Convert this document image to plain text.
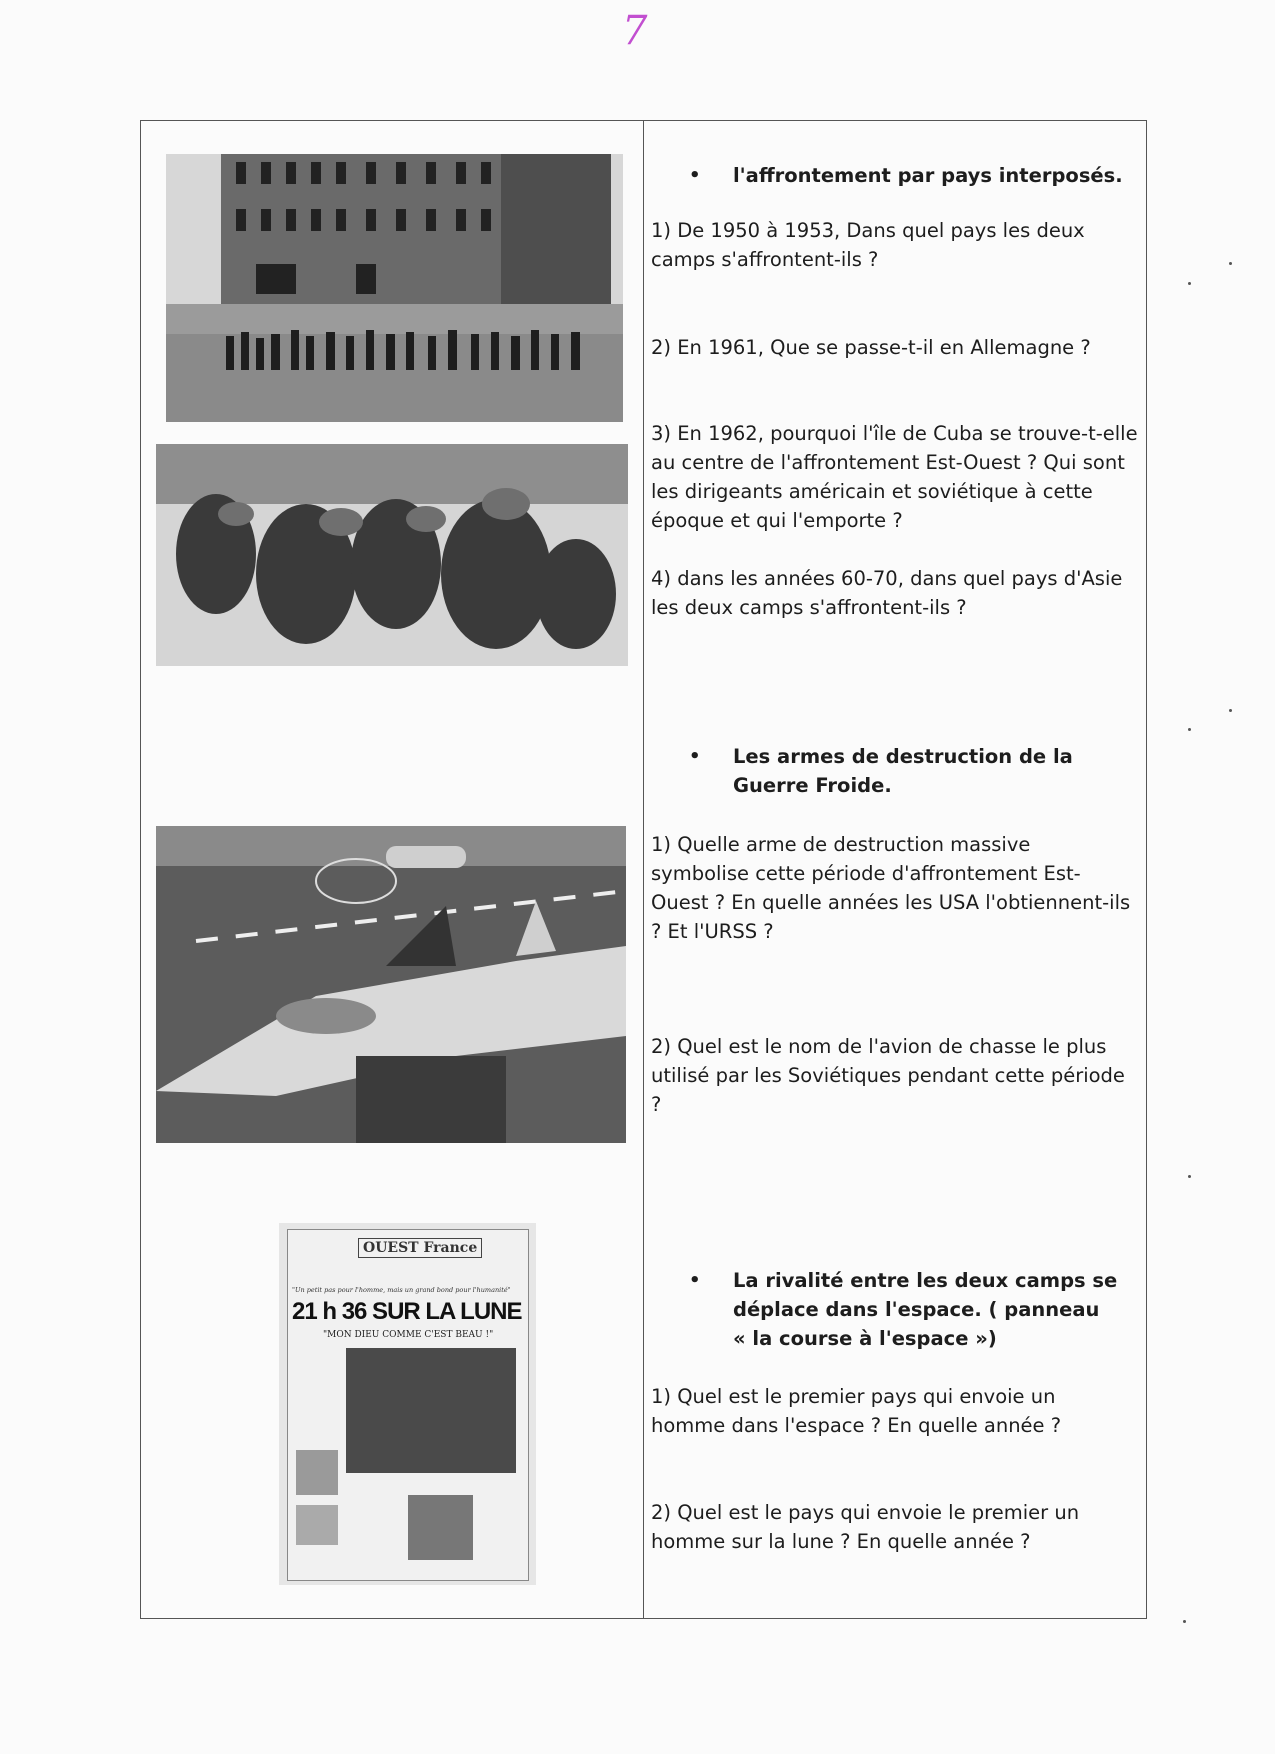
7
OUEST France
"Un petit pas pour l'homme, mais un grand bond pour l'humanité"
21 h 36 SUR LA LUNE
"MON DIEU COMME C'EST BEAU !"
• l'affrontement par pays interposés.

1) De 1950 à 1953, Dans quel pays les deux camps s'affrontent-ils ?

2) En 1961, Que se passe-t-il en Allemagne ?

3) En 1962, pourquoi l'île de Cuba se trouve-t-elle au centre de l'affrontement Est-Ouest ? Qui sont les dirigeants américain et soviétique à cette époque et qui l'emporte ?

4) dans les années 60-70, dans quel pays d'Asie les deux camps s'affrontent-ils ?

• Les armes de destruction de la Guerre Froide.

1) Quelle arme de destruction massive symbolise cette période d'affrontement Est-Ouest ? En quelle années les USA l'obtiennent-ils ? Et l'URSS ?

2) Quel est le nom de l'avion de chasse le plus utilisé par les Soviétiques pendant cette période ?

• La rivalité entre les deux camps se déplace dans l'espace. ( panneau « la course à l'espace »)

1) Quel est le premier pays qui envoie un homme dans l'espace ? En quelle année ?

2) Quel est le pays qui envoie le premier un homme sur la lune ? En quelle année ?
